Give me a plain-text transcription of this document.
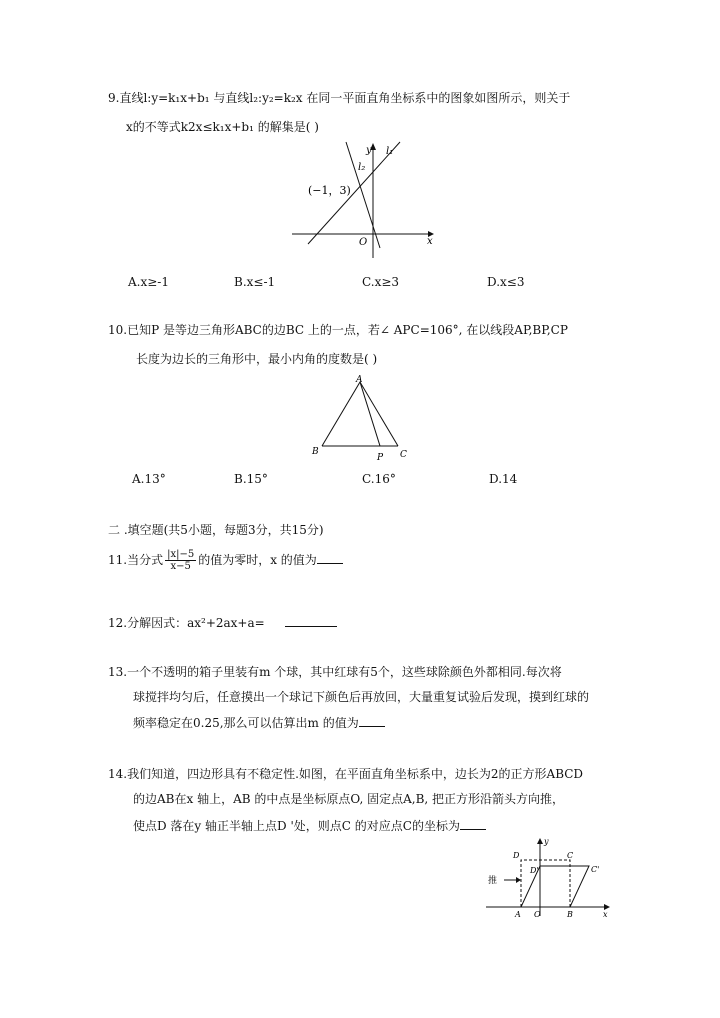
9.直线l:y=k₁x+b₁ 与直线l₂:y₂=k₂x 在同一平面直角坐标系中的图象如图所示，则关于
x的不等式k2x≤k₁x+b₁ 的解集是( )
(−1，3)
l₁
l₂
y
x
O
A.x≥-1	B.x≤-1	C.x≥3	D.x≤3
10.已知P 是等边三角形ABC的边BC 上的一点，若∠ APC=106°, 在以线段AP,BP,CP
长度为边长的三角形中，最小内角的度数是( )
A
B	C
P
A.13°	B.15°	C.16°	D.14
二 .填空题(共5小题，每题3分，共15分)
11.当分式 $\frac{|x|-5}{x-5}$ 的值为零时，x 的值为
12.分解因式：ax²+2ax+a=
13.一个不透明的箱子里装有m 个球，其中红球有5个，这些球除颜色外都相同.每次将
球搅拌均匀后，任意摸出一个球记下颜色后再放回，大量重复试验后发现，摸到红球的
频率稳定在0.25,那么可以估算出m 的值为
14.我们知道，四边形具有不稳定性.如图，在平面直角坐标系中，边长为2的正方形ABCD
的边AB在x 轴上，AB 的中点是坐标原点O, 固定点A,B, 把正方形沿箭头方向推，
使点D 落在y 轴正半轴上点D '处，则点C 的对应点C的坐标为
D	C
D'	C'
推
A O	B	x
y
